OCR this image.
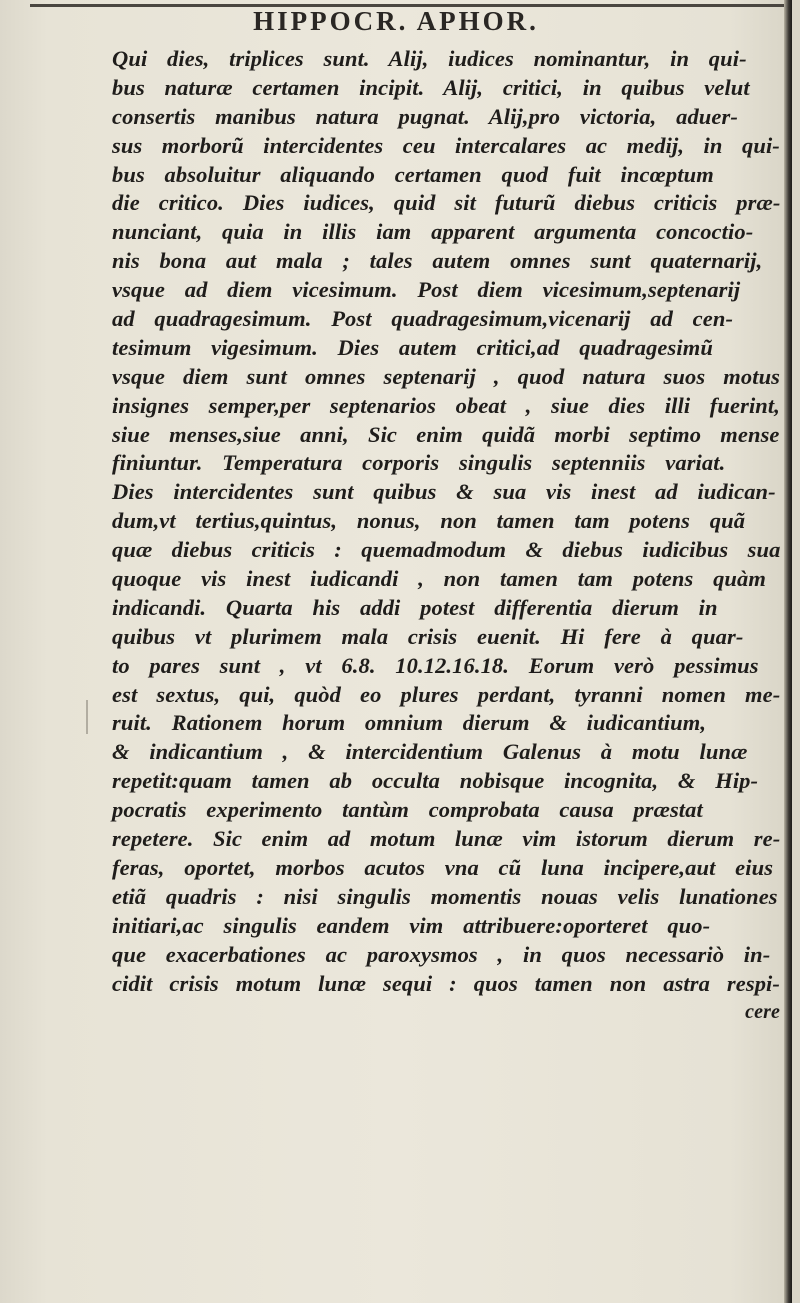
HIPPOCR. APHOR.
Qui dies, triplices sunt. Alij, iudices nominantur, in qui-
bus naturæ certamen incipit. Alij, critici, in quibus velut
consertis manibus natura pugnat. Alij,pro victoria, aduer-
sus morborũ intercidentes ceu intercalares ac medij, in qui-
bus absoluitur aliquando certamen quod fuit incœptum
die critico. Dies iudices, quid sit futurũ diebus criticis præ-
nunciant, quia in illis iam apparent argumenta concoctio-
nis bona aut mala ; tales autem omnes sunt quaternarij,
vsque ad diem vicesimum. Post diem vicesimum,septenarij
ad quadragesimum. Post quadragesimum,vicenarij ad cen-
tesimum vigesimum. Dies autem critici,ad quadragesimũ
vsque diem sunt omnes septenarij , quod natura suos motus
insignes semper,per septenarios obeat , siue dies illi fuerint,
siue menses,siue anni, Sic enim quidã morbi septimo mense
finiuntur. Temperatura corporis singulis septenniis variat.
Dies intercidentes sunt quibus & sua vis inest ad iudican-
dum,vt tertius,quintus, nonus, non tamen tam potens quã
quæ diebus criticis : quemadmodum & diebus iudicibus sua
quoque vis inest iudicandi , non tamen tam potens quàm
indicandi. Quarta his addi potest differentia dierum in
quibus vt plurimem mala crisis euenit. Hi fere à quar-
to pares sunt , vt 6.8. 10.12.16.18. Eorum verò pessimus
est sextus, qui, quòd eo plures perdant, tyranni nomen me-
ruit. Rationem horum omnium dierum & iudicantium,
& indicantium , & intercidentium Galenus à motu lunæ
repetit:quam tamen ab occulta nobisque incognita, & Hip-
pocratis experimento tantùm comprobata causa præstat
repetere. Sic enim ad motum lunæ vim istorum dierum re-
feras, oportet, morbos acutos vna cũ luna incipere,aut eius
etiã quadris : nisi singulis momentis nouas velis lunationes
initiari,ac singulis eandem vim attribuere:oporteret quo-
que exacerbationes ac paroxysmos , in quos necessariò in-
cidit crisis motum lunæ sequi : quos tamen non astra respi-
cere
